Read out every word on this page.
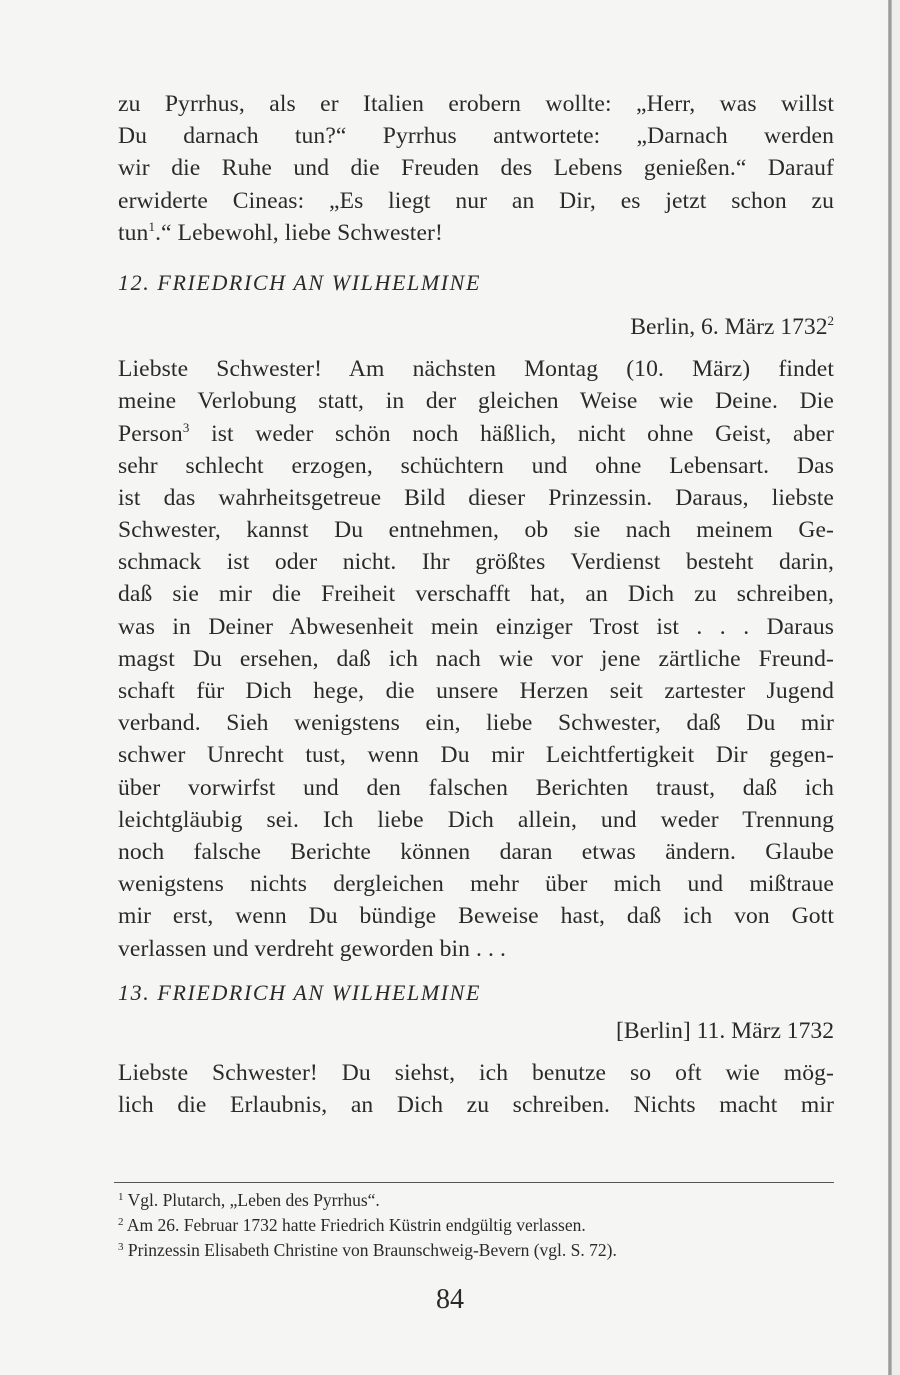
zu Pyrrhus, als er Italien erobern wollte: „Herr, was willst
Du darnach tun?“ Pyrrhus antwortete: „Darnach werden
wir die Ruhe und die Freuden des Lebens genießen.“ Darauf
erwiderte Cineas: „Es liegt nur an Dir, es jetzt schon zu
tun$^1$.“ Lebewohl, liebe Schwester!
12. FRIEDRICH AN WILHELMINE
Berlin, 6. März 1732$^2$
Liebste Schwester! Am nächsten Montag (10. März) findet
meine Verlobung statt, in der gleichen Weise wie Deine. Die
Person$^3$ ist weder schön noch häßlich, nicht ohne Geist, aber
sehr schlecht erzogen, schüchtern und ohne Lebensart. Das
ist das wahrheitsgetreue Bild dieser Prinzessin. Daraus, liebste
Schwester, kannst Du entnehmen, ob sie nach meinem Ge-
schmack ist oder nicht. Ihr größtes Verdienst besteht darin,
daß sie mir die Freiheit verschafft hat, an Dich zu schreiben,
was in Deiner Abwesenheit mein einziger Trost ist . . . Daraus
magst Du ersehen, daß ich nach wie vor jene zärtliche Freund-
schaft für Dich hege, die unsere Herzen seit zartester Jugend
verband. Sieh wenigstens ein, liebe Schwester, daß Du mir
schwer Unrecht tust, wenn Du mir Leichtfertigkeit Dir gegen-
über vorwirfst und den falschen Berichten traust, daß ich
leichtgläubig sei. Ich liebe Dich allein, und weder Trennung
noch falsche Berichte können daran etwas ändern. Glaube
wenigstens nichts dergleichen mehr über mich und mißtraue
mir erst, wenn Du bündige Beweise hast, daß ich von Gott
verlassen und verdreht geworden bin . . .
13. FRIEDRICH AN WILHELMINE
[Berlin] 11. März 1732
Liebste Schwester! Du siehst, ich benutze so oft wie mög-
lich die Erlaubnis, an Dich zu schreiben. Nichts macht mir
$^1$ Vgl. Plutarch, „Leben des Pyrrhus“.
$^2$ Am 26. Februar 1732 hatte Friedrich Küstrin endgültig verlassen.
$^3$ Prinzessin Elisabeth Christine von Braunschweig-Bevern (vgl. S. 72).
84
